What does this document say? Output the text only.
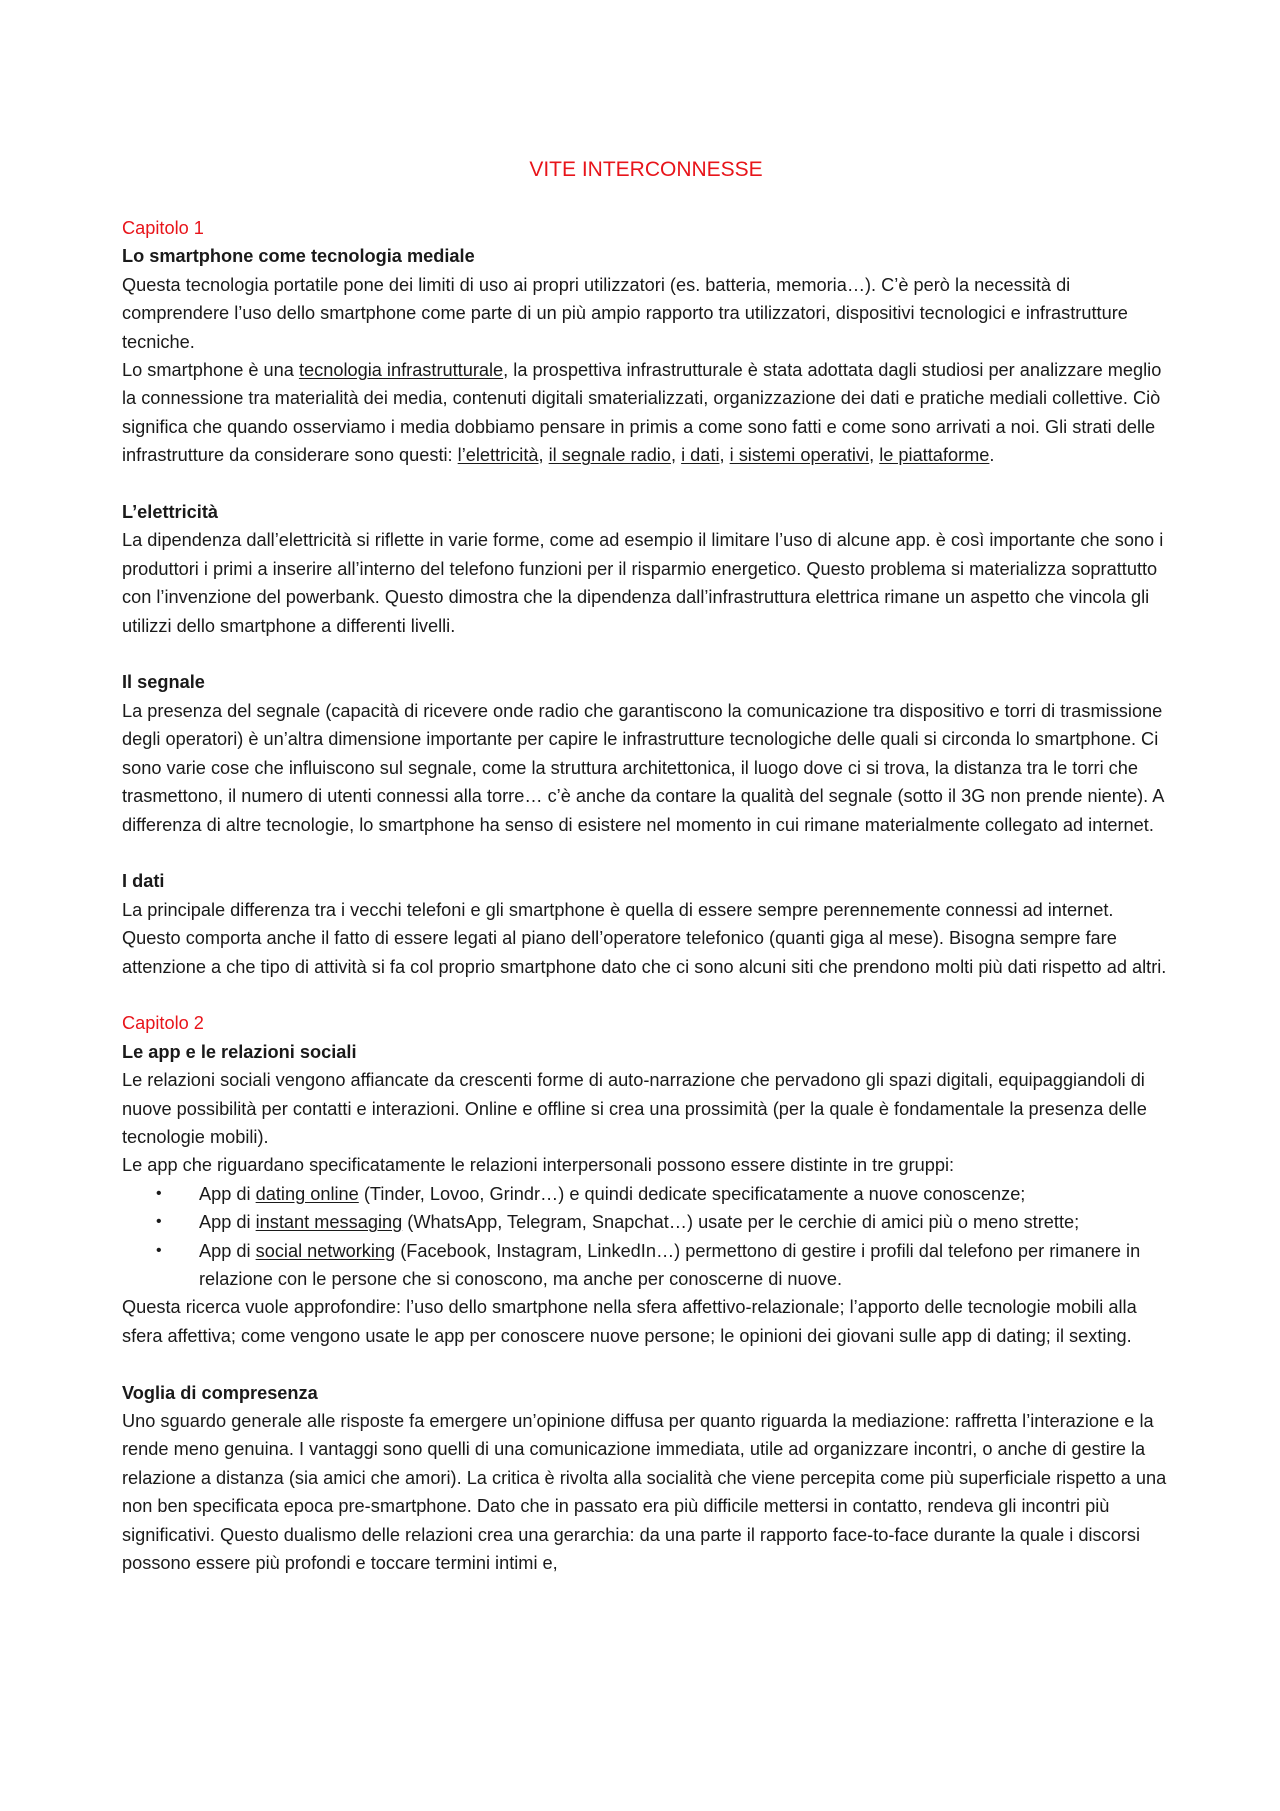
VITE INTERCONNESSE

Capitolo 1

Lo smartphone come tecnologia mediale

Questa tecnologia portatile pone dei limiti di uso ai propri utilizzatori (es. batteria, memoria…). C’è però la necessità di comprendere l’uso dello smartphone come parte di un più ampio rapporto tra utilizzatori, dispositivi tecnologici e infrastrutture tecniche.

Lo smartphone è una tecnologia infrastrutturale, la prospettiva infrastrutturale è stata adottata dagli studiosi per analizzare meglio la connessione tra materialità dei media, contenuti digitali smaterializzati, organizzazione dei dati e pratiche mediali collettive. Ciò significa che quando osserviamo i media dobbiamo pensare in primis a come sono fatti e come sono arrivati a noi. Gli strati delle infrastrutture da considerare sono questi: l’elettricità, il segnale radio, i dati, i sistemi operativi, le piattaforme.

L’elettricità

La dipendenza dall’elettricità si riflette in varie forme, come ad esempio il limitare l’uso di alcune app. è così importante che sono i produttori i primi a inserire all’interno del telefono funzioni per il risparmio energetico. Questo problema si materializza soprattutto con l’invenzione del powerbank. Questo dimostra che la dipendenza dall’infrastruttura elettrica rimane un aspetto che vincola gli utilizzi dello smartphone a differenti livelli.

Il segnale

La presenza del segnale (capacità di ricevere onde radio che garantiscono la comunicazione tra dispositivo e torri di trasmissione degli operatori) è un’altra dimensione importante per capire le infrastrutture tecnologiche delle quali si circonda lo smartphone. Ci sono varie cose che influiscono sul segnale, come la struttura architettonica, il luogo dove ci si trova, la distanza tra le torri che trasmettono, il numero di utenti connessi alla torre… c’è anche da contare la qualità del segnale (sotto il 3G non prende niente). A differenza di altre tecnologie, lo smartphone ha senso di esistere nel momento in cui rimane materialmente collegato ad internet.

I dati

La principale differenza tra i vecchi telefoni e gli smartphone è quella di essere sempre perennemente connessi ad internet. Questo comporta anche il fatto di essere legati al piano dell’operatore telefonico (quanti giga al mese). Bisogna sempre fare attenzione a che tipo di attività si fa col proprio smartphone dato che ci sono alcuni siti che prendono molti più dati rispetto ad altri.

Capitolo 2

Le app e le relazioni sociali

Le relazioni sociali vengono affiancate da crescenti forme di auto-narrazione che pervadono gli spazi digitali, equipaggiandoli di nuove possibilità per contatti e interazioni. Online e offline si crea una prossimità (per la quale è fondamentale la presenza delle tecnologie mobili).

Le app che riguardano specificatamente le relazioni interpersonali possono essere distinte in tre gruppi:

• App di dating online (Tinder, Lovoo, Grindr…) e quindi dedicate specificatamente a nuove conoscenze;
• App di instant messaging (WhatsApp, Telegram, Snapchat…) usate per le cerchie di amici più o meno strette;
• App di social networking (Facebook, Instagram, LinkedIn…) permettono di gestire i profili dal telefono per rimanere in relazione con le persone che si conoscono, ma anche per conoscerne di nuove.

Questa ricerca vuole approfondire: l’uso dello smartphone nella sfera affettivo-relazionale; l’apporto delle tecnologie mobili alla sfera affettiva; come vengono usate le app per conoscere nuove persone; le opinioni dei giovani sulle app di dating; il sexting.

Voglia di compresenza

Uno sguardo generale alle risposte fa emergere un’opinione diffusa per quanto riguarda la mediazione: raffretta l’interazione e la rende meno genuina. I vantaggi sono quelli di una comunicazione immediata, utile ad organizzare incontri, o anche di gestire la relazione a distanza (sia amici che amori). La critica è rivolta alla socialità che viene percepita come più superficiale rispetto a una non ben specificata epoca pre-smartphone. Dato che in passato era più difficile mettersi in contatto, rendeva gli incontri più significativi. Questo dualismo delle relazioni crea una gerarchia: da una parte il rapporto face-to-face durante la quale i discorsi possono essere più profondi e toccare termini intimi e,
